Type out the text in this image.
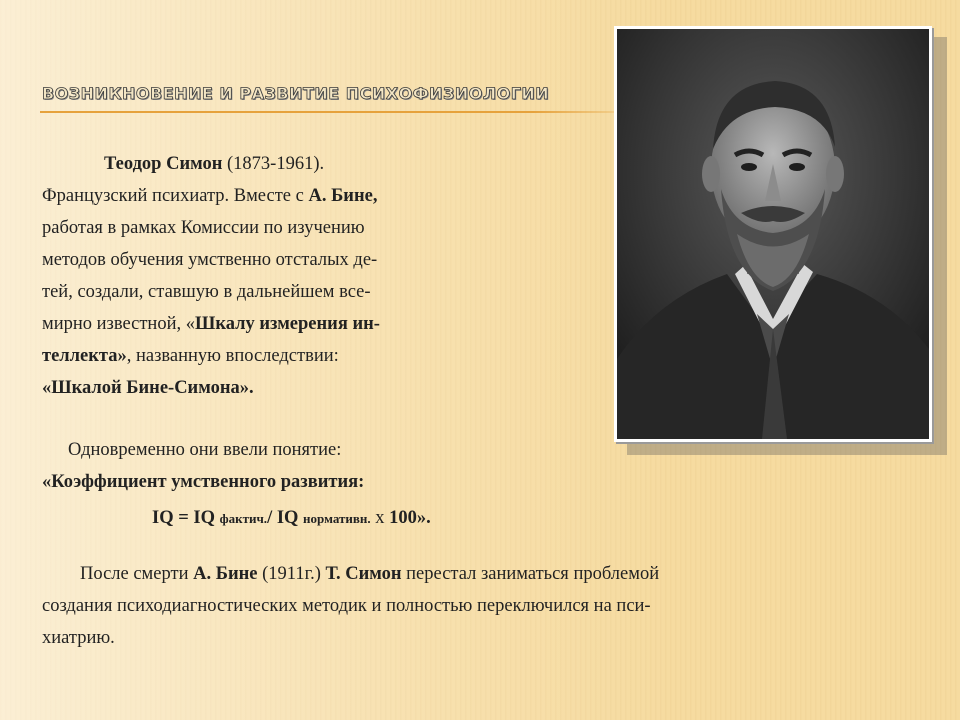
ВОЗНИКНОВЕНИЕ И РАЗВИТИЕ ПСИХОФИЗИОЛОГИИ
Теодор Симон (1873-1961).
Французский психиатр. Вместе с А. Бине,
работая в рамках Комиссии по изучению
методов обучения умственно отсталых де-
тей, создали, ставшую в дальнейшем все-
мирно известной, «Шкалу измерения ин-
теллекта», названную впоследствии:
«Шкалой Бине-Симона».
Одновременно они ввели понятие:
«Коэффициент умственного развития:
IQ = IQ фактич./ IQ нормативн. х 100».
После смерти А. Бине (1911г.) Т. Симон перестал заниматься проблемой
создания психодиагностических методик и полностью переключился на пси-
хиатрию.
